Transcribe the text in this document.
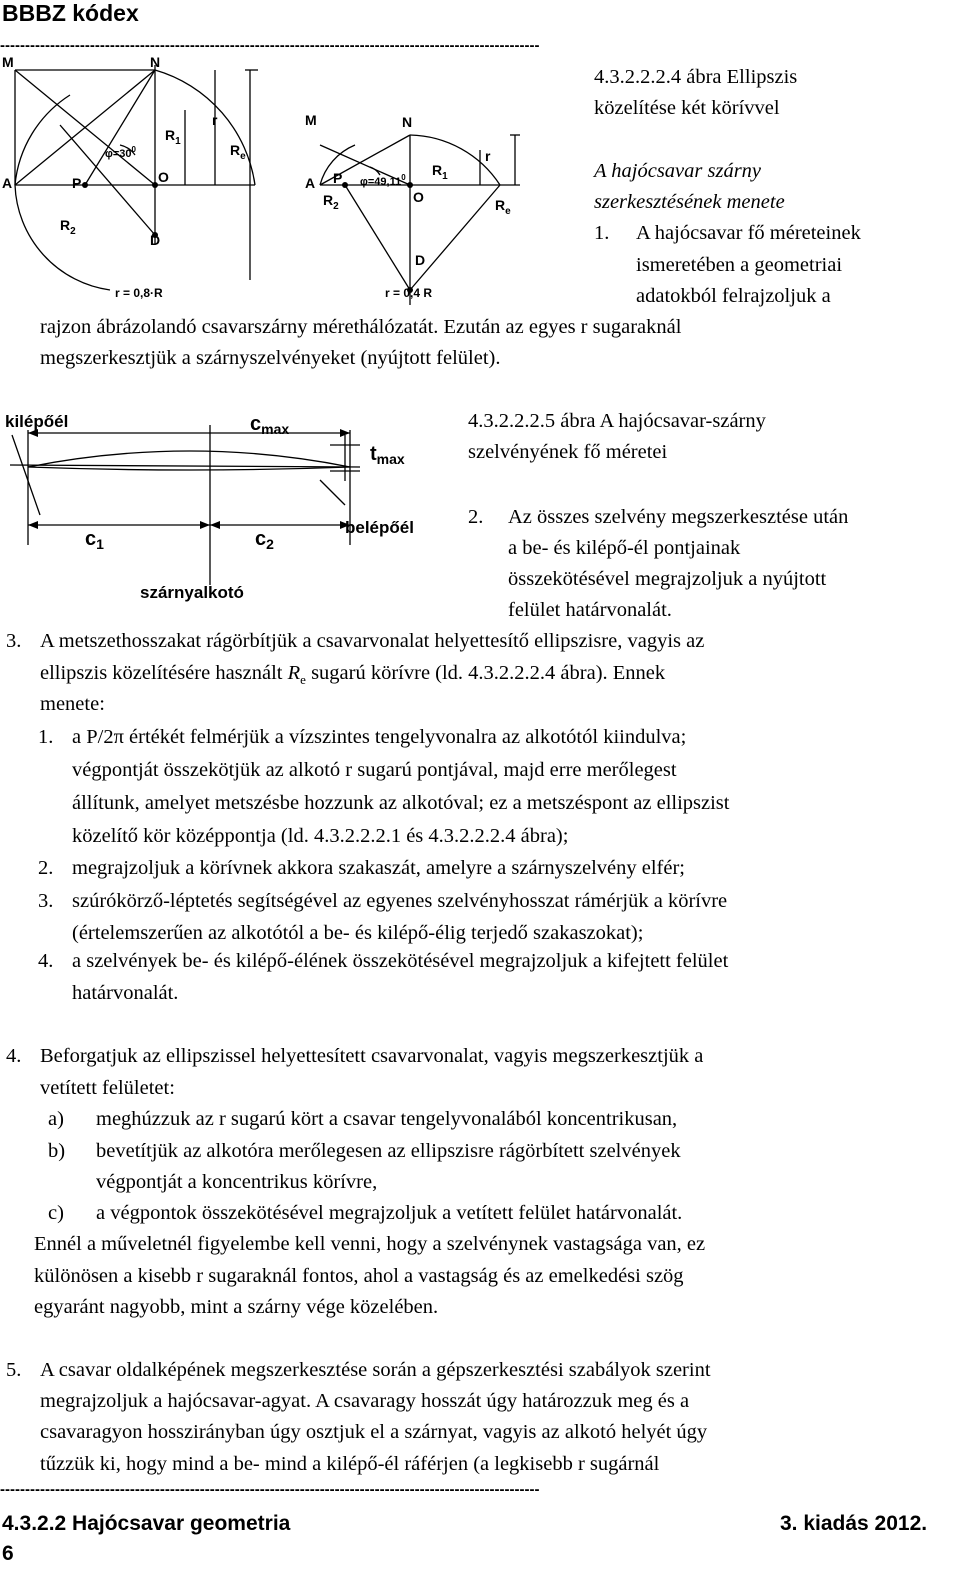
BBBZ kódex
------------------------------------------------------------------------------------------------------------
M	N
A	P	O
D
$R_1$
r
$R_e$
$R_2$
$\varphi=30^0$
r = 0,8·R
M	N
A P
O
D
$R_1$
r
$R_e$
$R_2$
$\varphi=49,11^0$
r = 0,4 R
4.3.2.2.2.4 ábra Ellipszis
közelítése két körívvel
A hajócsavar szárny
szerkesztésének menete
1. A hajócsavar fő méreteinek
ismeretében a geometriai
adatokból felrajzoljuk a
rajzon ábrázolandó csavarszárny mérethálózatát. Ezután az egyes r sugaraknál
megszerkesztjük a szárnyszelvényeket (nyújtott felület).
kilépőél	$c_{max}$
$t_{max}$
belépőél
$c_1$	$c_2$
szárnyalkotó
4.3.2.2.2.5 ábra A hajócsavar-szárny
szelvényének fő méretei
2. Az összes szelvény megszerkesztése után
a be- és kilépő-él pontjainak
összekötésével megrajzoljuk a nyújtott
felület határvonalát.
3. A metszethosszakat rágörbítjük a csavarvonalat helyettesítő ellipszisre, vagyis az
ellipszis közelítésére használt $R_e$ sugarú körívre (ld. 4.3.2.2.2.4 ábra). Ennek
menete:
1. a P/2π értékét felmérjük a vízszintes tengelyvonalra az alkotótól kiindulva;
végpontját összekötjük az alkotó r sugarú pontjával, majd erre merőlegest
állítunk, amelyet metszésbe hozzunk az alkotóval; ez a metszéspont az ellipszist
közelítő kör középpontja (ld. 4.3.2.2.2.1 és 4.3.2.2.2.4 ábra);
2. megrajzoljuk a körívnek akkora szakaszát, amelyre a szárnyszelvény elfér;
3. szúrókörző-léptetés segítségével az egyenes szelvényhosszat rámérjük a körívre
(értelemszerűen az alkotótól a be- és kilépő-élig terjedő szakaszokat);
4. a szelvények be- és kilépő-élének összekötésével megrajzoljuk a kifejtett felület
határvonalát.
4. Beforgatjuk az ellipszissel helyettesített csavarvonalat, vagyis megszerkesztjük a
vetített felületet:
a) meghúzzuk az r sugarú kört a csavar tengelyvonalából koncentrikusan,
b) bevetítjük az alkotóra merőlegesen az ellipszisre rágörbített szelvények
végpontját a koncentrikus körívre,
c) a végpontok összekötésével megrajzoljuk a vetített felület határvonalát.
Ennél a műveletnél figyelembe kell venni, hogy a szelvénynek vastagsága van, ez
különösen a kisebb r sugaraknál fontos, ahol a vastagság és az emelkedési szög
egyaránt nagyobb, mint a szárny vége közelében.
5. A csavar oldalképének megszerkesztése során a gépszerkesztési szabályok szerint
megrajzoljuk a hajócsavar-agyat. A csavaragy hosszát úgy határozzuk meg és a
csavaragyon hosszirányban úgy osztjuk el a szárnyat, vagyis az alkotó helyét úgy
tűzzük ki, hogy mind a be- mind a kilépő-él ráférjen (a legkisebb r sugárnál
------------------------------------------------------------------------------------------------------------
4.3.2.2 Hajócsavar geometria	3. kiadás 2012.
6
